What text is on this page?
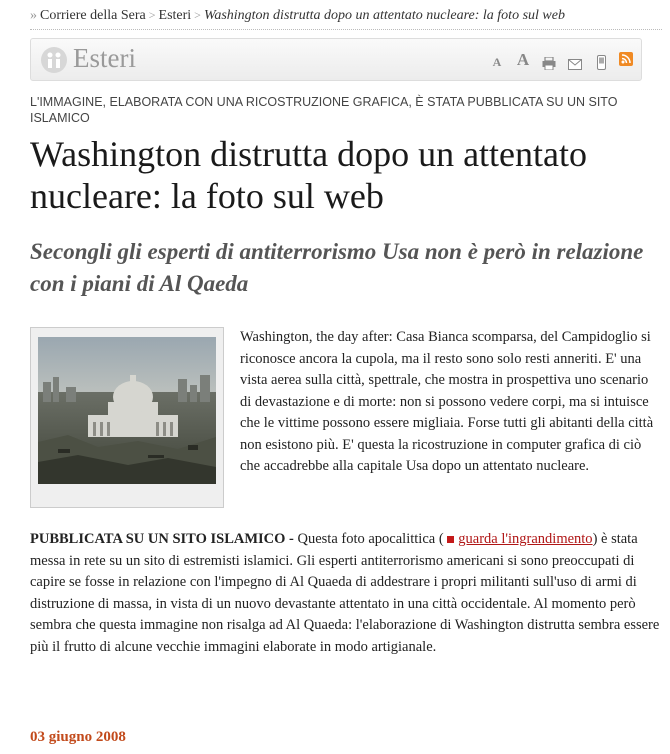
» Corriere della Sera > Esteri > Washington distrutta dopo un attentato nucleare: la foto sul web
Esteri	A A
L'IMMAGINE, ELABORATA CON UNA RICOSTRUZIONE GRAFICA, È STATA PUBBLICATA SU UN SITO ISLAMICO
Washington distrutta dopo un attentato nucleare: la foto sul web
Secongli gli esperti di antiterrorismo Usa non è però in relazione con i piani di Al Qaeda

Washington, the day after: Casa Bianca scomparsa, del Campidoglio si riconosce ancora la cupola, ma il resto sono solo resti anneriti. E' una vista aerea sulla città, spettrale, che mostra in prospettiva uno scenario di devastazione e di morte: non si possono vedere corpi, ma si intuisce che le vittime possono essere migliaia. Forse tutti gli abitanti della città non esistono più. E' questa la ricostruzione in computer grafica di ciò che accadrebbe alla capitale Usa dopo un attentato nucleare.

PUBBLICATA SU UN SITO ISLAMICO - Questa foto apocalittica ( guarda l'ingrandimento) è stata messa in rete su un sito di estremisti islamici. Gli esperti antiterrorismo americani si sono preoccupati di capire se fosse in relazione con l'impegno di Al Quaeda di addestrare i propri militanti sull'uso di armi di distruzione di massa, in vista di un nuovo devastante attentato in una città occidentale. Al momento però sembra che questa immagine non risalga ad Al Quaeda: l'elaborazione di Washington distrutta sembra essere più il frutto di alcune vecchie immagini elaborate in modo artigianale.

03 giugno 2008
